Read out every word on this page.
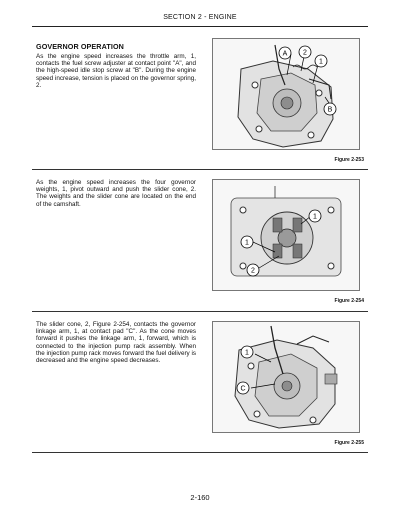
SECTION 2 - ENGINE
GOVERNOR OPERATION
As the engine speed increases the throttle arm, 1, contacts the fuel screw adjuster at contact point "A", and the high-speed idle stop screw at "B". During the engine speed increase, tension is placed on the governor spring, 2.
A 2
1
B
Figure 2-253
As the engine speed increases the four governor weights, 1, pivot outward and push the slider cone, 2. The weights and the slider cone are located on the end of the camshaft.
1
1
2
Figure 2-254
The slider cone, 2, Figure 2-254, contacts the governor linkage arm, 1, at contact pad "C". As the cone moves forward it pushes the linkage arm, 1, forward, which is connected to the injection pump rack assembly. When the injection pump rack moves forward the fuel delivery is decreased and the engine speed decreases.
1
C
Figure 2-255
2-160
